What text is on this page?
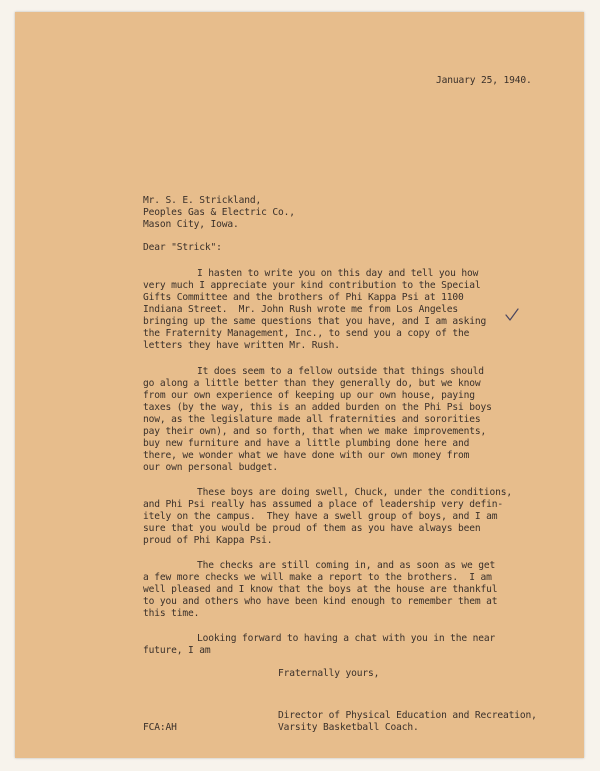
January 25, 1940.
Mr. S. E. Strickland,
Peoples Gas & Electric Co.,
Mason City, Iowa.
Dear "Strick":
I hasten to write you on this day and tell you how
very much I appreciate your kind contribution to the Special
Gifts Committee and the brothers of Phi Kappa Psi at 1100
Indiana Street.  Mr. John Rush wrote me from Los Angeles
bringing up the same questions that you have, and I am asking
the Fraternity Management, Inc., to send you a copy of the
letters they have written Mr. Rush.
It does seem to a fellow outside that things should
go along a little better than they generally do, but we know
from our own experience of keeping up our own house, paying
taxes (by the way, this is an added burden on the Phi Psi boys
now, as the legislature made all fraternities and sororities
pay their own), and so forth, that when we make improvements,
buy new furniture and have a little plumbing done here and
there, we wonder what we have done with our own money from
our own personal budget.
These boys are doing swell, Chuck, under the conditions,
and Phi Psi really has assumed a place of leadership very defin-
itely on the campus.  They have a swell group of boys, and I am
sure that you would be proud of them as you have always been
proud of Phi Kappa Psi.
The checks are still coming in, and as soon as we get
a few more checks we will make a report to the brothers.  I am
well pleased and I know that the boys at the house are thankful
to you and others who have been kind enough to remember them at
this time.
Looking forward to having a chat with you in the near
future, I am
Fraternally yours,
Director of Physical Education and Recreation,
Varsity Basketball Coach.
FCA:AH
